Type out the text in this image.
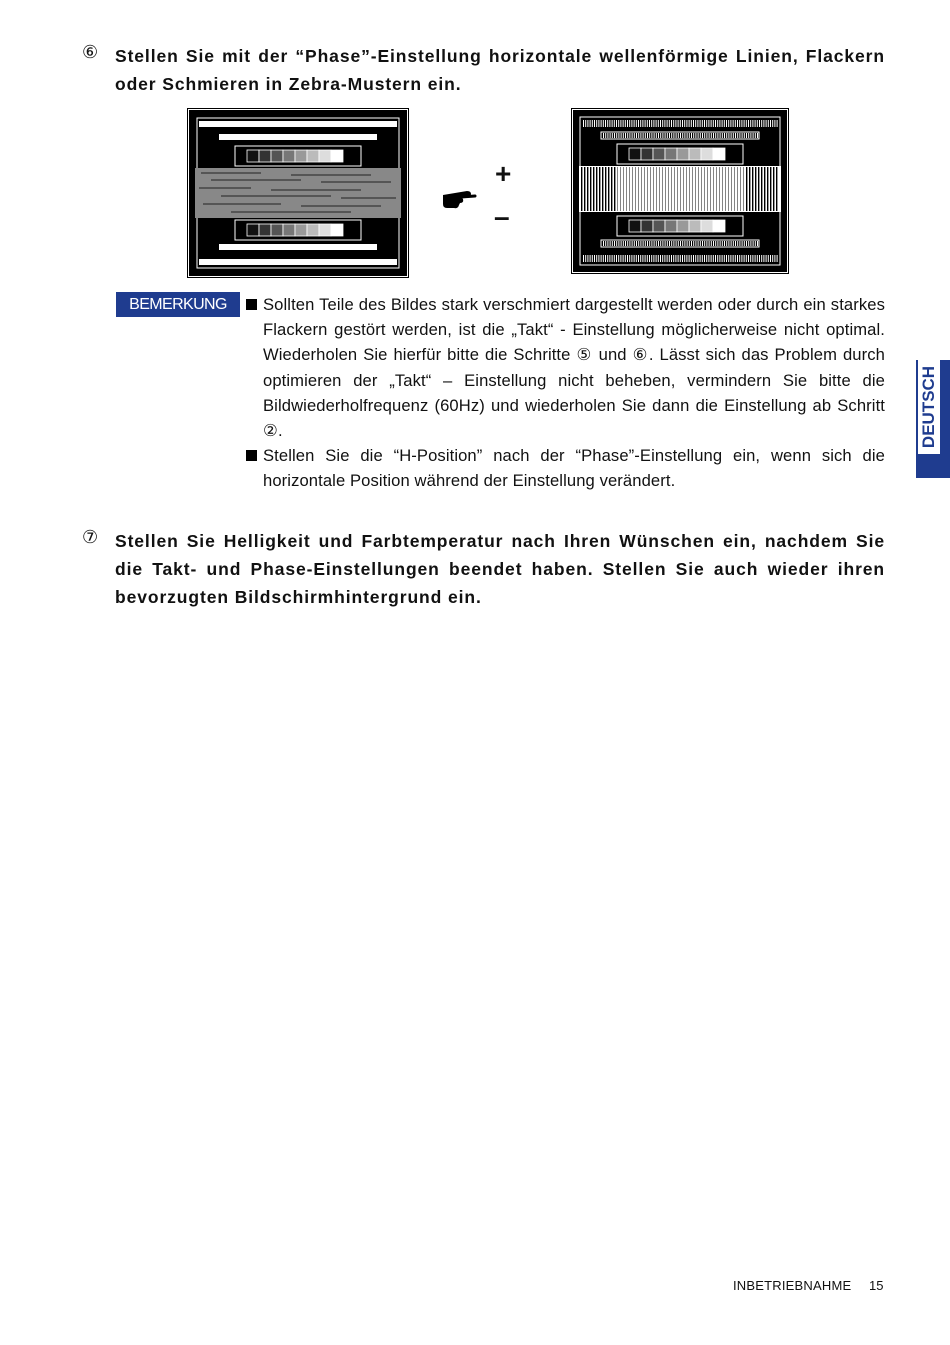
⑥ Stellen Sie mit der “Phase”-Einstellung horizontale wellenförmige Linien, Flackern oder Schmieren in Zebra-Mustern ein.
+
–
BEMERKUNG	Sollten Teile des Bildes stark verschmiert dargestellt werden oder durch ein starkes Flackern gestört werden, ist die „Takt“ - Einstellung möglicherweise nicht optimal. Wiederholen Sie hierfür bitte die Schritte ⑤ und ⑥. Lässt sich das Problem durch optimieren der „Takt“ – Einstellung nicht beheben, vermindern Sie bitte die Bildwiederholfrequenz (60Hz) und wiederholen Sie dann die Einstellung ab Schritt ②.
Stellen Sie die “H-Position” nach der “Phase”-Einstellung ein, wenn sich die horizontale Position während der Einstellung verändert.
⑦ Stellen Sie Helligkeit und Farbtemperatur nach Ihren Wünschen ein, nachdem Sie die Takt- und Phase-Einstellungen beendet haben. Stellen Sie auch wieder ihren bevorzugten Bildschirmhintergrund ein.
DEUTSCH
INBETRIEBNAHME 15
